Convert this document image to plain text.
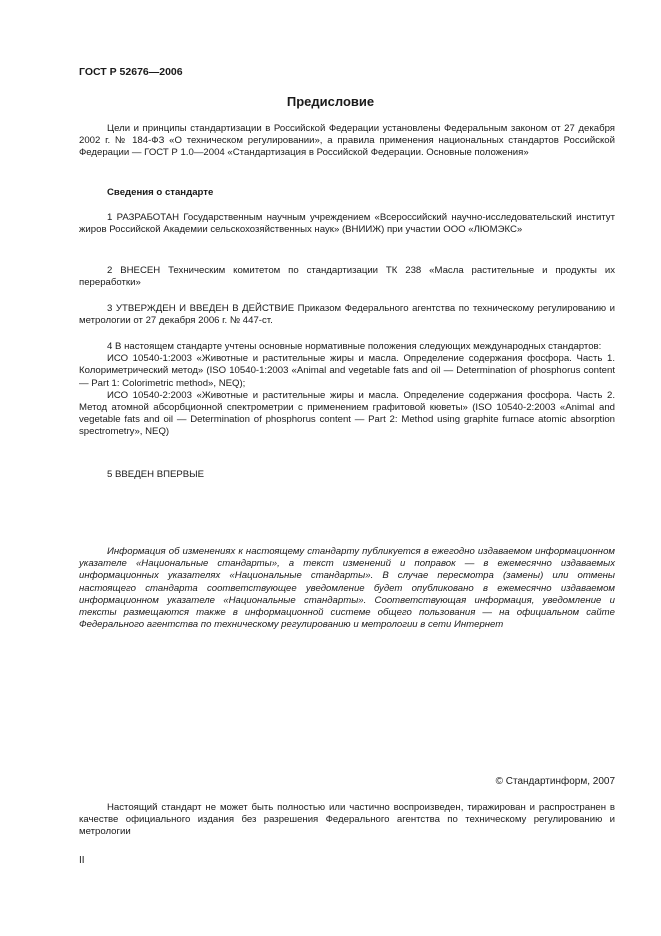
ГОСТ Р 52676—2006
Предисловие

Цели и принципы стандартизации в Российской Федерации установлены Федеральным законом от 27 декабря 2002 г. № 184-ФЗ «О техническом регулировании», а правила применения национальных стандартов Российской Федерации — ГОСТ Р 1.0—2004 «Стандартизация в Российской Федерации. Основные положения»

Сведения о стандарте

1 РАЗРАБОТАН Государственным научным учреждением «Всероссийский научно-исследовательский институт жиров Российской Академии сельскохозяйственных наук» (ВНИИЖ) при участии ООО «ЛЮМЭКС»

2 ВНЕСЕН Техническим комитетом по стандартизации ТК 238 «Масла растительные и продукты их переработки»

3 УТВЕРЖДЕН И ВВЕДЕН В ДЕЙСТВИЕ Приказом Федерального агентства по техническому регулированию и метрологии от 27 декабря 2006 г. № 447-ст.

4 В настоящем стандарте учтены основные нормативные положения следующих международных стандартов:

ИСО 10540-1:2003 «Животные и растительные жиры и масла. Определение содержания фосфора. Часть 1. Колориметрический метод» (ISO 10540-1:2003 «Animal and vegetable fats and oil — Determination of phosphorus content — Part 1: Colorimetric method», NEQ);

ИСО 10540-2:2003 «Животные и растительные жиры и масла. Определение содержания фосфора. Часть 2. Метод атомной абсорбционной спектрометрии с применением графитовой кюветы» (ISO 10540-2:2003 «Animal and vegetable fats and oil — Determination of phosphorus content — Part 2: Method using graphite furnace atomic absorption spectrometry», NEQ)

5 ВВЕДЕН ВПЕРВЫЕ

Информация об изменениях к настоящему стандарту публикуется в ежегодно издаваемом информационном указателе «Национальные стандарты», а текст изменений и поправок — в ежемесячно издаваемых информационных указателях «Национальные стандарты». В случае пересмотра (замены) или отмены настоящего стандарта соответствующее уведомление будет опубликовано в ежемесячно издаваемом информационном указателе «Национальные стандарты». Соответствующая информация, уведомление и тексты размещаются также в информационной системе общего пользования — на официальном сайте Федерального агентства по техническому регулированию и метрологии в сети Интернет

© Стандартинформ, 2007

Настоящий стандарт не может быть полностью или частично воспроизведен, тиражирован и распространен в качестве официального издания без разрешения Федерального агентства по техническому регулированию и метрологии

II
